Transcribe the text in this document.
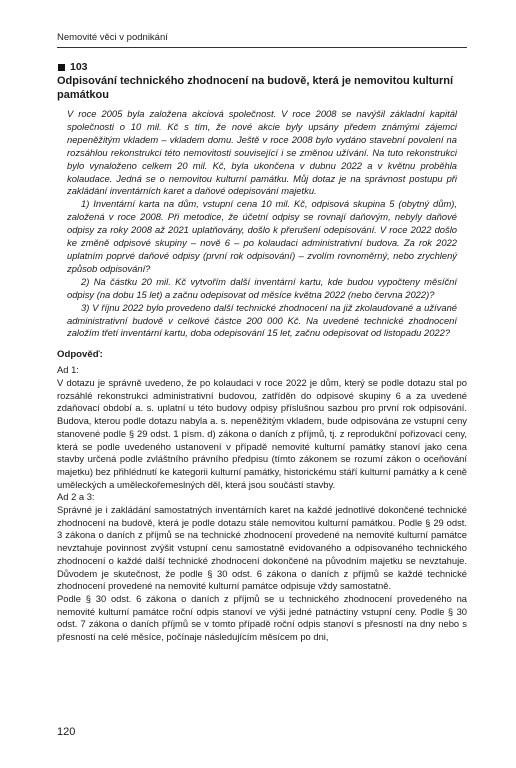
Nemovité věci v podnikání
103
Odpisování technického zhodnocení na budově, která je nemovitou kulturní památkou

V roce 2005 byla založena akciová společnost. V roce 2008 se navýšil základní kapitál společnosti o 10 mil. Kč s tím, že nové akcie byly upsány předem známými zájemci nepeněžitým vkladem – vkladem domu. Ještě v roce 2008 bylo vydáno stavební povolení na rozsáhlou rekonstrukci této nemovitosti související i se změnou užívání. Na tuto rekonstrukci bylo vynaloženo celkem 20 mil. Kč, byla ukončena v dubnu 2022 a v květnu proběhla kolaudace. Jedná se o nemovitou kulturní památku. Můj dotaz je na správnost postupu při zakládání inventárních karet a daňové odepisování majetku.

1) Inventární karta na dům, vstupní cena 10 mil. Kč, odpisová skupina 5 (obytný dům), založená v roce 2008. Při metodice, že účetní odpisy se rovnají daňovým, nebyly daňové odpisy za roky 2008 až 2021 uplatňovány, došlo k přerušení odepisování. V roce 2022 došlo ke změně odpisové skupiny – nově 6 – po kolaudaci administrativní budova. Za rok 2022 uplatním poprvé daňové odpisy (první rok odpisování) – zvolím rovnoměrný, nebo zrychlený způsob odpisování?

2) Na částku 20 mil. Kč vytvořím další inventární kartu, kde budou vypočteny měsíční odpisy (na dobu 15 let) a začnu odepisovat od měsíce května 2022 (nebo června 2022)?

3) V říjnu 2022 bylo provedeno další technické zhodnocení na již zkolaudované a užívané administrativní budově v celkové částce 200 000 Kč. Na uvedené technické zhodnocení založím třetí inventární kartu, doba odepisování 15 let, začnu odepisovat od listopadu 2022?

Odpověď:

Ad 1:

V dotazu je správně uvedeno, že po kolaudaci v roce 2022 je dům, který se podle dotazu stal po rozsáhlé rekonstrukci administrativní budovou, zatříděn do odpisové skupiny 6 a za uvedené zdaňovací období a. s. uplatní u této budovy odpisy příslušnou sazbou pro první rok odpisování. Budova, kterou podle dotazu nabyla a. s. nepeněžitým vkladem, bude odpisována ze vstupní ceny stanovené podle § 29 odst. 1 písm. d) zákona o daních z příjmů, tj. z reprodukční pořizovací ceny, která se podle uvedeného ustanovení v případě nemovité kulturní památky stanoví jako cena stavby určená podle zvláštního právního předpisu (tímto zákonem se rozumí zákon o oceňování majetku) bez přihlédnutí ke kategorii kulturní památky, historickému stáří kulturní památky a k ceně uměleckých a uměleckořemeslných děl, která jsou součástí stavby.

Ad 2 a 3:

Správné je i zakládání samostatných inventárních karet na každé jednotlivé dokončené technické zhodnocení na budově, která je podle dotazu stále nemovitou kulturní památkou. Podle § 29 odst. 3 zákona o daních z příjmů se na technické zhodnocení provedené na nemovité kulturní památce nevztahuje povinnost zvýšit vstupní cenu samostatně evidovaného a odpisovaného technického zhodnocení o každé další technické zhodnocení dokončené na původním majetku se nevztahuje. Důvodem je skutečnost, že podle § 30 odst. 6 zákona o daních z příjmů se každé technické zhodnocení provedené na nemovité kulturní památce odpisuje vždy samostatně.

Podle § 30 odst. 6 zákona o daních z příjmů se u technického zhodnocení provedeného na nemovité kulturní památce roční odpis stanoví ve výši jedné patnáctiny vstupní ceny. Podle § 30 odst. 7 zákona o daních příjmů se v tomto případě roční odpis stanoví s přesností na dny nebo s přesností na celé měsíce, počínaje následujícím měsícem po dni,

120
